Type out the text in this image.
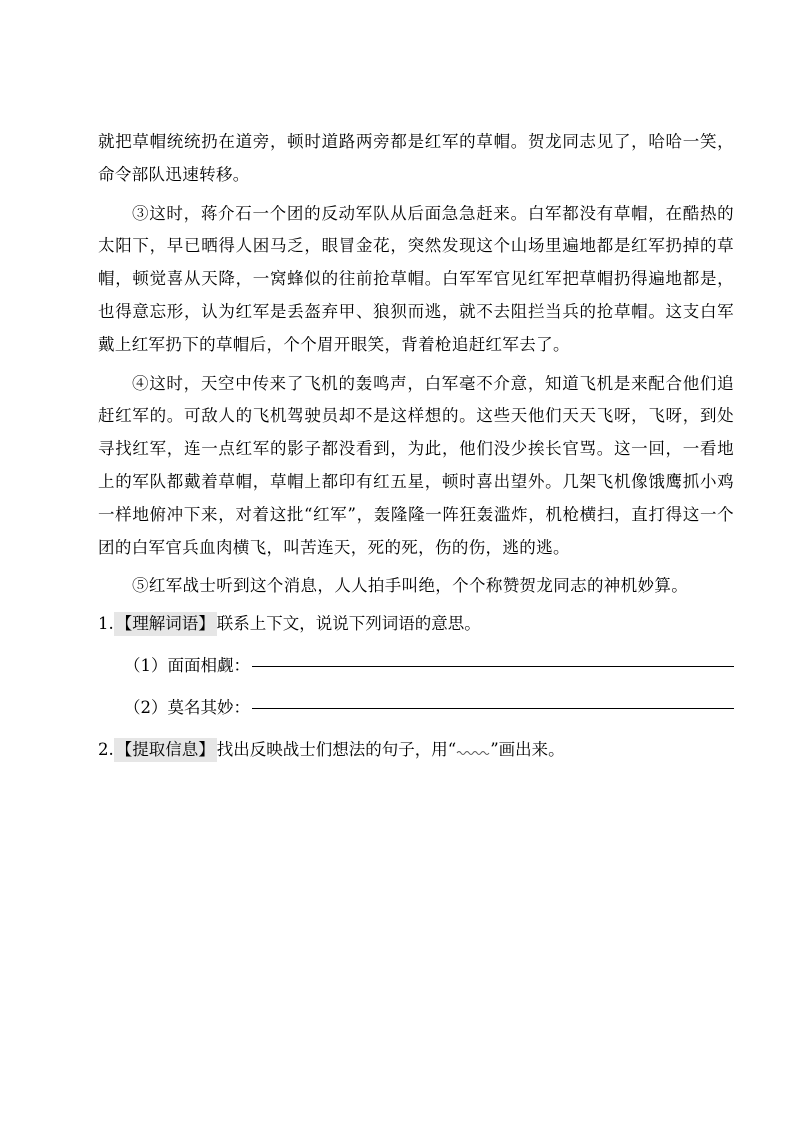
就把草帽统统扔在道旁，顿时道路两旁都是红军的草帽。贺龙同志见了，哈哈一笑，命令部队迅速转移。

③这时，蒋介石一个团的反动军队从后面急急赶来。白军都没有草帽，在酷热的太阳下，早已晒得人困马乏，眼冒金花，突然发现这个山场里遍地都是红军扔掉的草帽，顿觉喜从天降，一窝蜂似的往前抢草帽。白军军官见红军把草帽扔得遍地都是，也得意忘形，认为红军是丢盔弃甲、狼狈而逃，就不去阻拦当兵的抢草帽。这支白军戴上红军扔下的草帽后，个个眉开眼笑，背着枪追赶红军去了。

④这时，天空中传来了飞机的轰鸣声，白军毫不介意，知道飞机是来配合他们追赶红军的。可敌人的飞机驾驶员却不是这样想的。这些天他们天天飞呀，飞呀，到处寻找红军，连一点红军的影子都没看到，为此，他们没少挨长官骂。这一回，一看地上的军队都戴着草帽，草帽上都印有红五星，顿时喜出望外。几架飞机像饿鹰抓小鸡一样地俯冲下来，对着这批“红军”，轰隆隆一阵狂轰滥炸，机枪横扫，直打得这一个团的白军官兵血肉横飞，叫苦连天，死的死，伤的伤，逃的逃。

⑤红军战士听到这个消息，人人拍手叫绝，个个称赞贺龙同志的神机妙算。

1. 【理解词语】 联系上下文，说说下列词语的意思。

（1）面面相觑：
（2）莫名其妙：

2. 【提取信息】 找出反映战士们想法的句子，用“ ”画出来。
